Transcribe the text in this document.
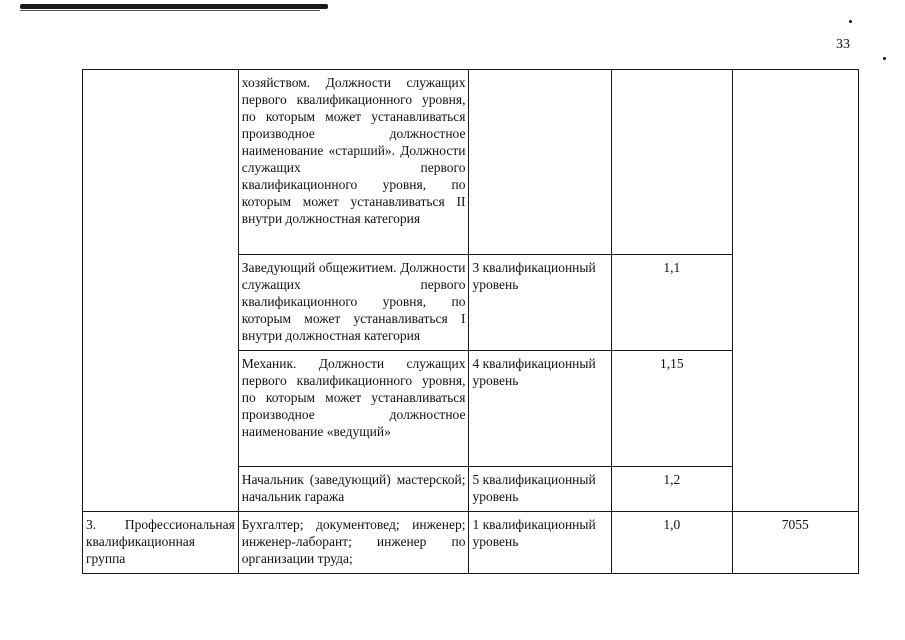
33
	хозяйством. Должности служащих первого квалификационного уровня, по которым может устанавливаться производное должностное наименование «старший». Должности служащих первого квалификационного уровня, по которым может устанавливаться II внутри должностная категория			
	Заведующий общежитием. Должности служащих первого квалификационного уровня, по которым может устанавливаться I внутри должностная категория	3 квалификационный уровень	1,1	
	Механик. Должности служащих первого квалификационного уровня, по которым может устанавливаться производное должностное наименование «ведущий»	4 квалификационный уровень	1,15	
	Начальник (заведующий) мастерской; начальник гаража	5 квалификационный уровень	1,2	
3. Профессиональная квалификационная группа	Бухгалтер; документовед; инженер; инженер-лаборант; инженер по организации труда;	1 квалификационный уровень	1,0	7055
